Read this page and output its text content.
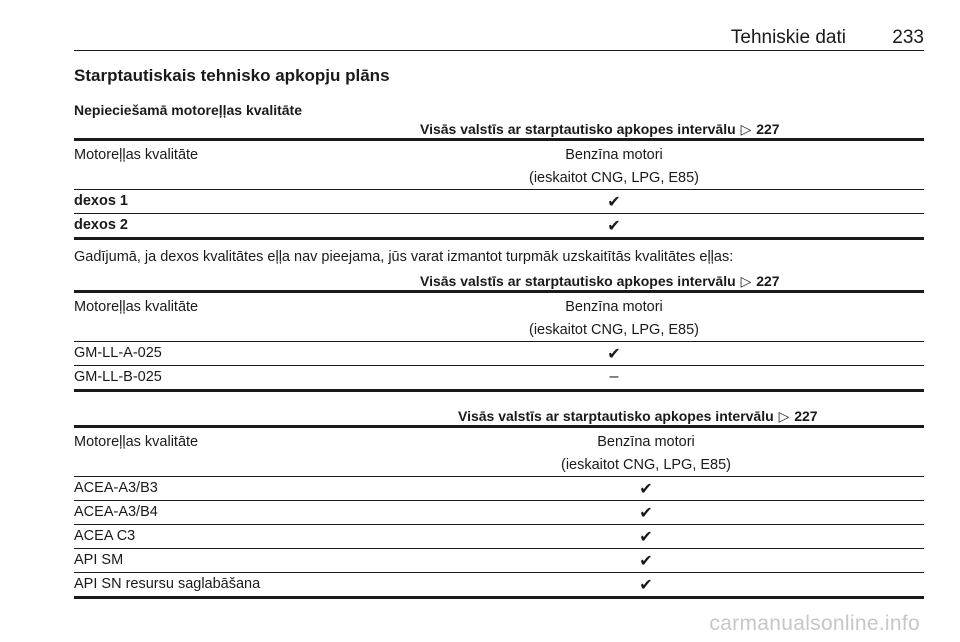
Tehniskie dati 233
Starptautiskais tehnisko apkopju plāns
Nepieciešamā motoreļļas kvalitāte
Visās valstīs ar starptautisko apkopes intervālu ▷ 227
Motoreļļas kvalitāte	Benzīna motori
(ieskaitot CNG, LPG, E85)
dexos 1	✔
dexos 2	✔
Gadījumā, ja dexos kvalitātes eļļa nav pieejama, jūs varat izmantot turpmāk uzskaitītās kvalitātes eļļas:
Visās valstīs ar starptautisko apkopes intervālu ▷ 227
Motoreļļas kvalitāte	Benzīna motori
(ieskaitot CNG, LPG, E85)
GM-LL-A-025	✔
GM-LL-B-025	–
Visās valstīs ar starptautisko apkopes intervālu ▷ 227
Motoreļļas kvalitāte	Benzīna motori
(ieskaitot CNG, LPG, E85)
ACEA-A3/B3	✔
ACEA-A3/B4	✔
ACEA C3	✔
API SM	✔
API SN resursu saglabāšana	✔
carmanualsonline.info
